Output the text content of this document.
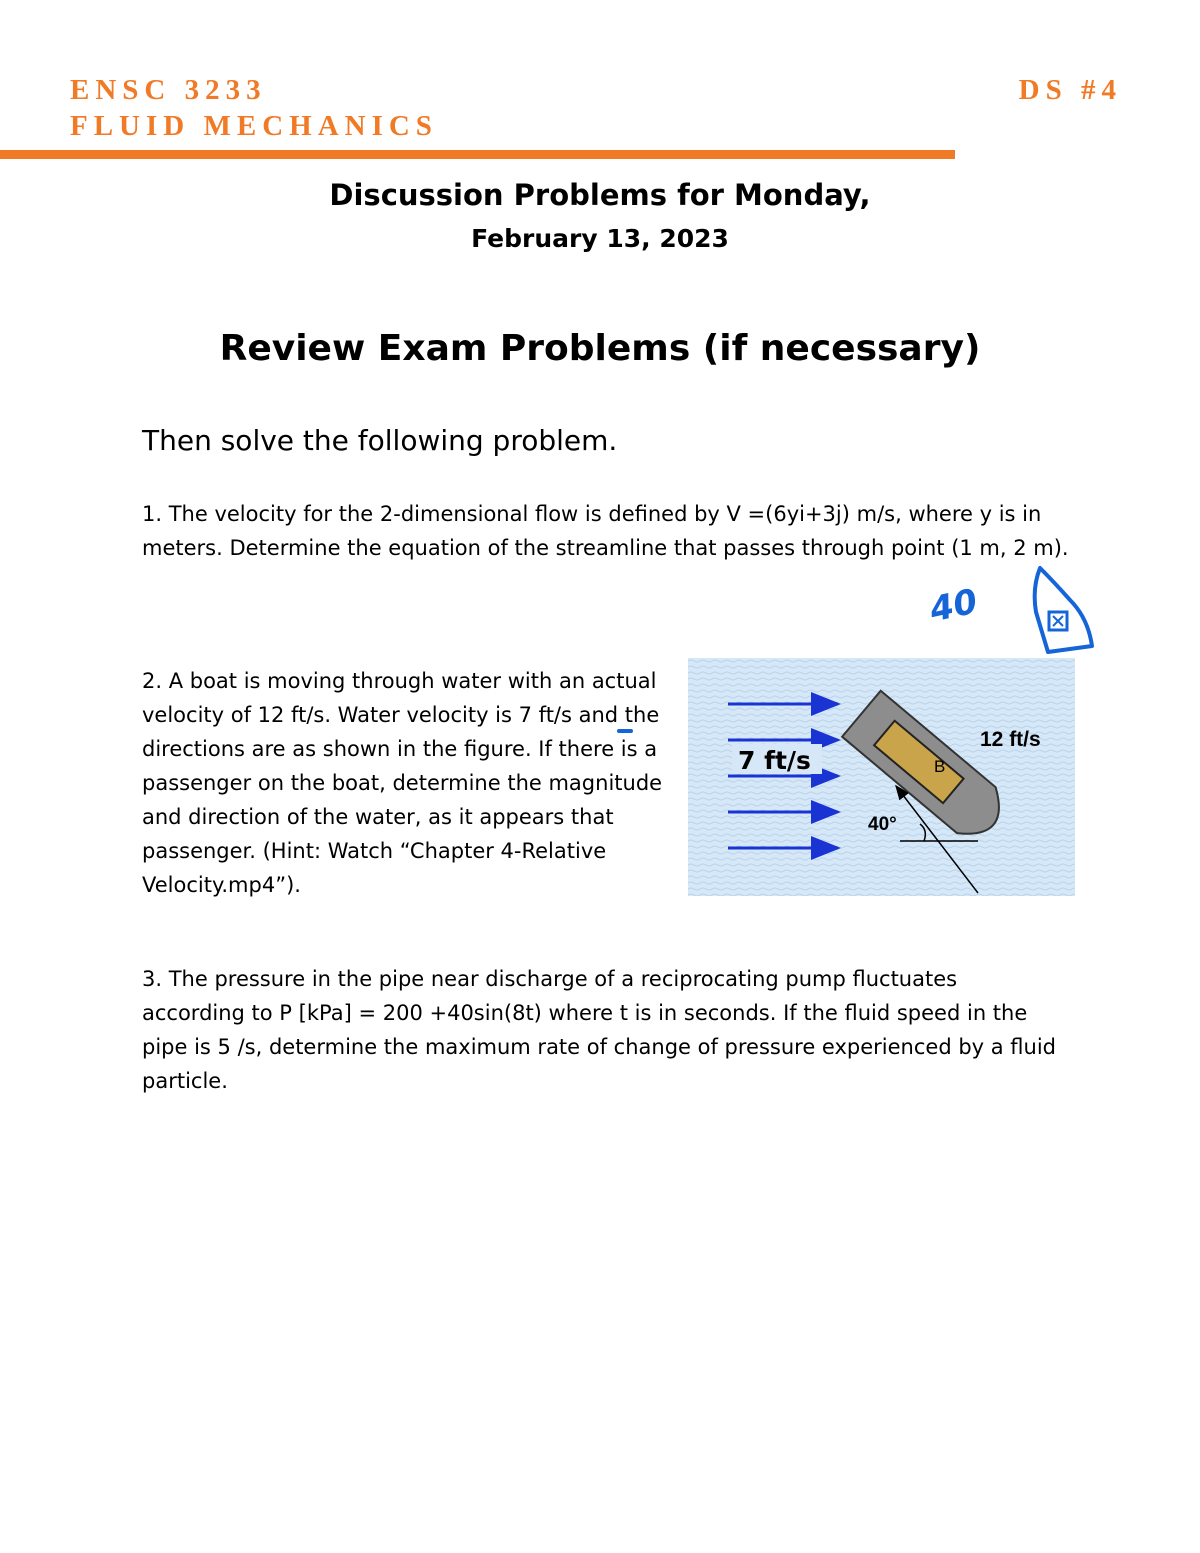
ENSC 3233
FLUID MECHANICS
DS #4
Discussion Problems for Monday,
February 13, 2023
Review Exam Problems (if necessary)
Then solve the following problem.
1. The velocity for the 2-dimensional flow is defined by V =(6yi+3j) m/s, where y is in meters. Determine the equation of the streamline that passes through point (1 m, 2 m).
2. A boat is moving through water with an actual velocity of 12 ft/s. Water velocity is 7 ft/s and the directions are as shown in the figure. If there is a passenger on the boat, determine the magnitude and direction of the water, as it appears that passenger. (Hint: Watch “Chapter 4-Relative Velocity.mp4”).
3. The pressure in the pipe near discharge of a reciprocating pump fluctuates according to P [kPa] = 200 +40sin(8t) where t is in seconds. If the fluid speed in the pipe is 5 /s, determine the maximum rate of change of pressure experienced by a fluid particle.
7 ft/s	B
12 ft/s
40°
40
